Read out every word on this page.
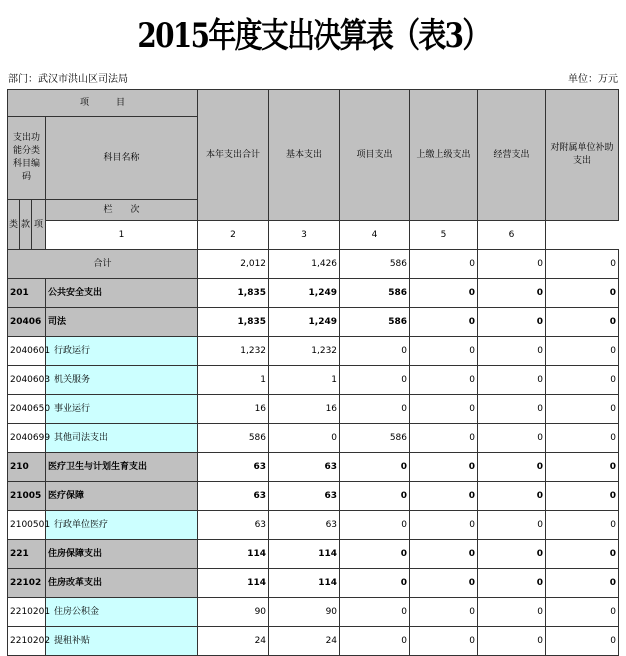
2015年度支出决算表（表3）
部门：武汉市洪山区司法局	单位：万元
项　　　目				本年支出合计	基本支出	项目支出	上缴上级支出	经营支出	对附属单位补助支出
支出功能分类科目编码			科目名称						
类	款	项	栏　　次						
			1	2	3	4	5	6	
合计				2,012	1,426	586	0	0	0
201			公共安全支出	1,835	1,249	586	0	0	0
20406			司法	1,835	1,249	586	0	0	0
2040601			行政运行	1,232	1,232	0	0	0	0
2040603			机关服务	1	1	0	0	0	0
2040650			事业运行	16	16	0	0	0	0
2040699			其他司法支出	586	0	586	0	0	0
210			医疗卫生与计划生育支出	63	63	0	0	0	0
21005			医疗保障	63	63	0	0	0	0
2100501			行政单位医疗	63	63	0	0	0	0
221			住房保障支出	114	114	0	0	0	0
22102			住房改革支出	114	114	0	0	0	0
2210201			住房公积金	90	90	0	0	0	0
2210202			提租补贴	24	24	0	0	0	0
